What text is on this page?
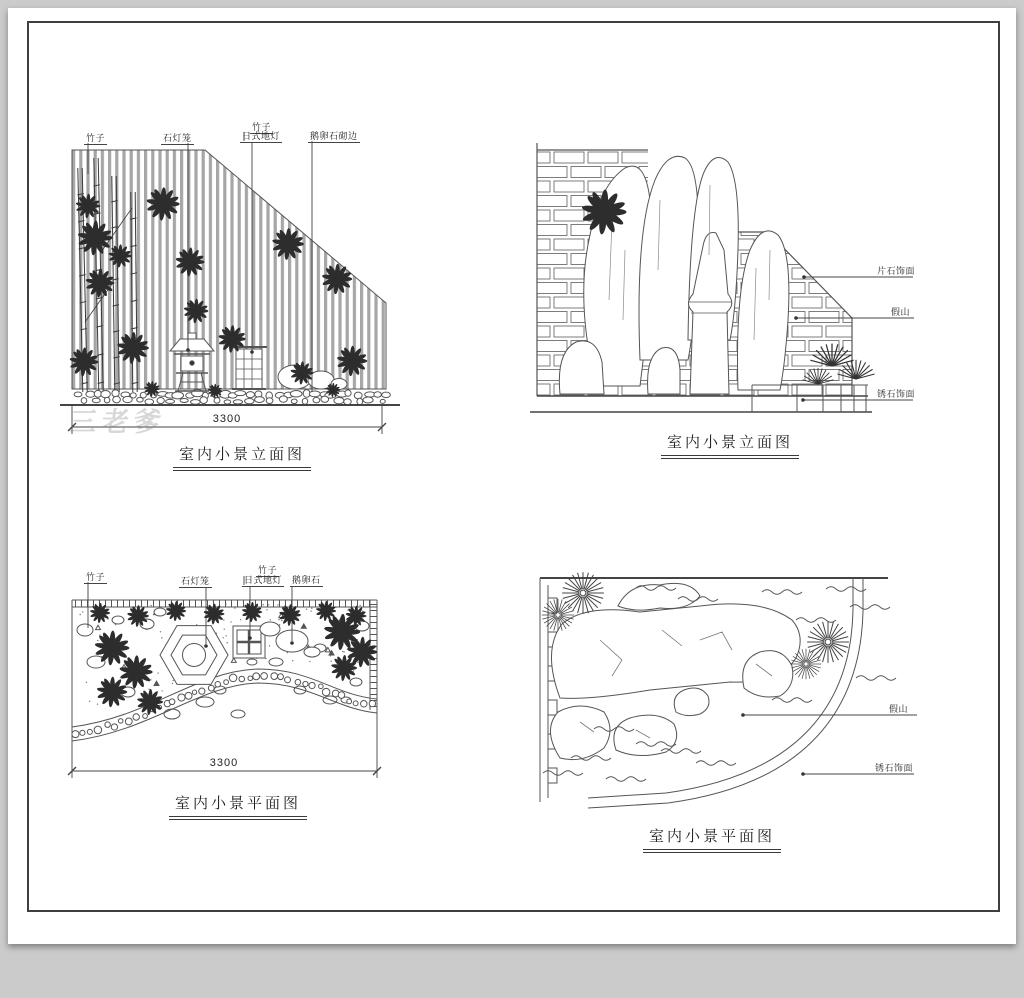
竹子	石灯笼
竹子
日式地灯	鹅卵石砌边
3300
室内小景立面图
三老爹
片石饰面
假山
锈石饰面
室内小景立面图
竹子	石灯笼
竹子
日式地灯 鹅卵石
3300
室内小景平面图
假山
锈石饰面
室内小景平面图
